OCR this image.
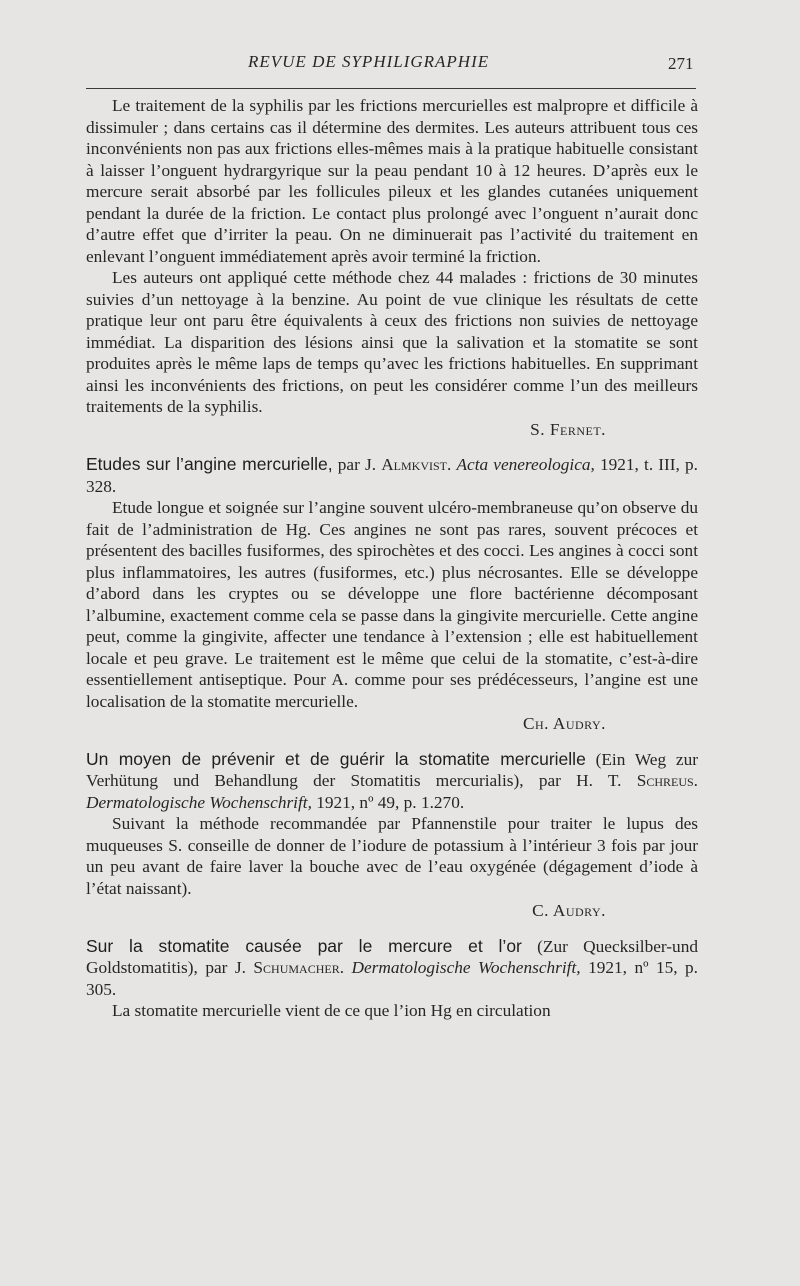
REVUE DE SYPHILIGRAPHIE	271

Le traitement de la syphilis par les frictions mercurielles est malpropre et difficile à dissimuler ; dans certains cas il détermine des dermites. Les auteurs attribuent tous ces inconvénients non pas aux frictions elles-mêmes mais à la pratique habituelle consistant à laisser l’onguent hydrargyrique sur la peau pendant 10 à 12 heures. D’après eux le mercure serait absorbé par les follicules pileux et les glandes cutanées uniquement pendant la durée de la friction. Le contact plus prolongé avec l’onguent n’aurait donc d’autre effet que d’irriter la peau. On ne diminuerait pas l’activité du traitement en enlevant l’onguent immédiatement après avoir terminé la friction.

Les auteurs ont appliqué cette méthode chez 44 malades : frictions de 30 minutes suivies d’un nettoyage à la benzine. Au point de vue clinique les résultats de cette pratique leur ont paru être équivalents à ceux des frictions non suivies de nettoyage immédiat. La disparition des lésions ainsi que la salivation et la stomatite se sont produites après le même laps de temps qu’avec les frictions habituelles. En supprimant ainsi les inconvénients des frictions, on peut les considérer comme l’un des meilleurs traitements de la syphilis.

S. Fernet.

Etudes sur l’angine mercurielle, par J. Almkvist. Acta venereologica, 1921, t. III, p. 328.

Etude longue et soignée sur l’angine souvent ulcéro-membraneuse qu’on observe du fait de l’administration de Hg. Ces angines ne sont pas rares, souvent précoces et présentent des bacilles fusiformes, des spirochètes et des cocci. Les angines à cocci sont plus inflammatoires, les autres (fusiformes, etc.) plus nécrosantes. Elle se développe d’abord dans les cryptes ou se développe une flore bactérienne décomposant l’albumine, exactement comme cela se passe dans la gingivite mercurielle. Cette angine peut, comme la gingivite, affecter une tendance à l’extension ; elle est habituellement locale et peu grave. Le traitement est le même que celui de la stomatite, c’est-à-dire essentiellement antiseptique. Pour A. comme pour ses prédécesseurs, l’angine est une localisation de la stomatite mercurielle.

Ch. Audry.

Un moyen de prévenir et de guérir la stomatite mercurielle (Ein Weg zur Verhütung und Behandlung der Stomatitis mercurialis), par H. T. Schreus. Dermatologische Wochenschrift, 1921, nº 49, p. 1.270.

Suivant la méthode recommandée par Pfannenstile pour traiter le lupus des muqueuses S. conseille de donner de l’iodure de potassium à l’intérieur 3 fois par jour un peu avant de faire laver la bouche avec de l’eau oxygénée (dégagement d’iode à l’état naissant).

C. Audry.

Sur la stomatite causée par le mercure et l’or (Zur Quecksilber-und Goldstomatitis), par J. Schumacher. Dermatologische Wochenschrift, 1921, nº 15, p. 305.

La stomatite mercurielle vient de ce que l’ion Hg en circulation
